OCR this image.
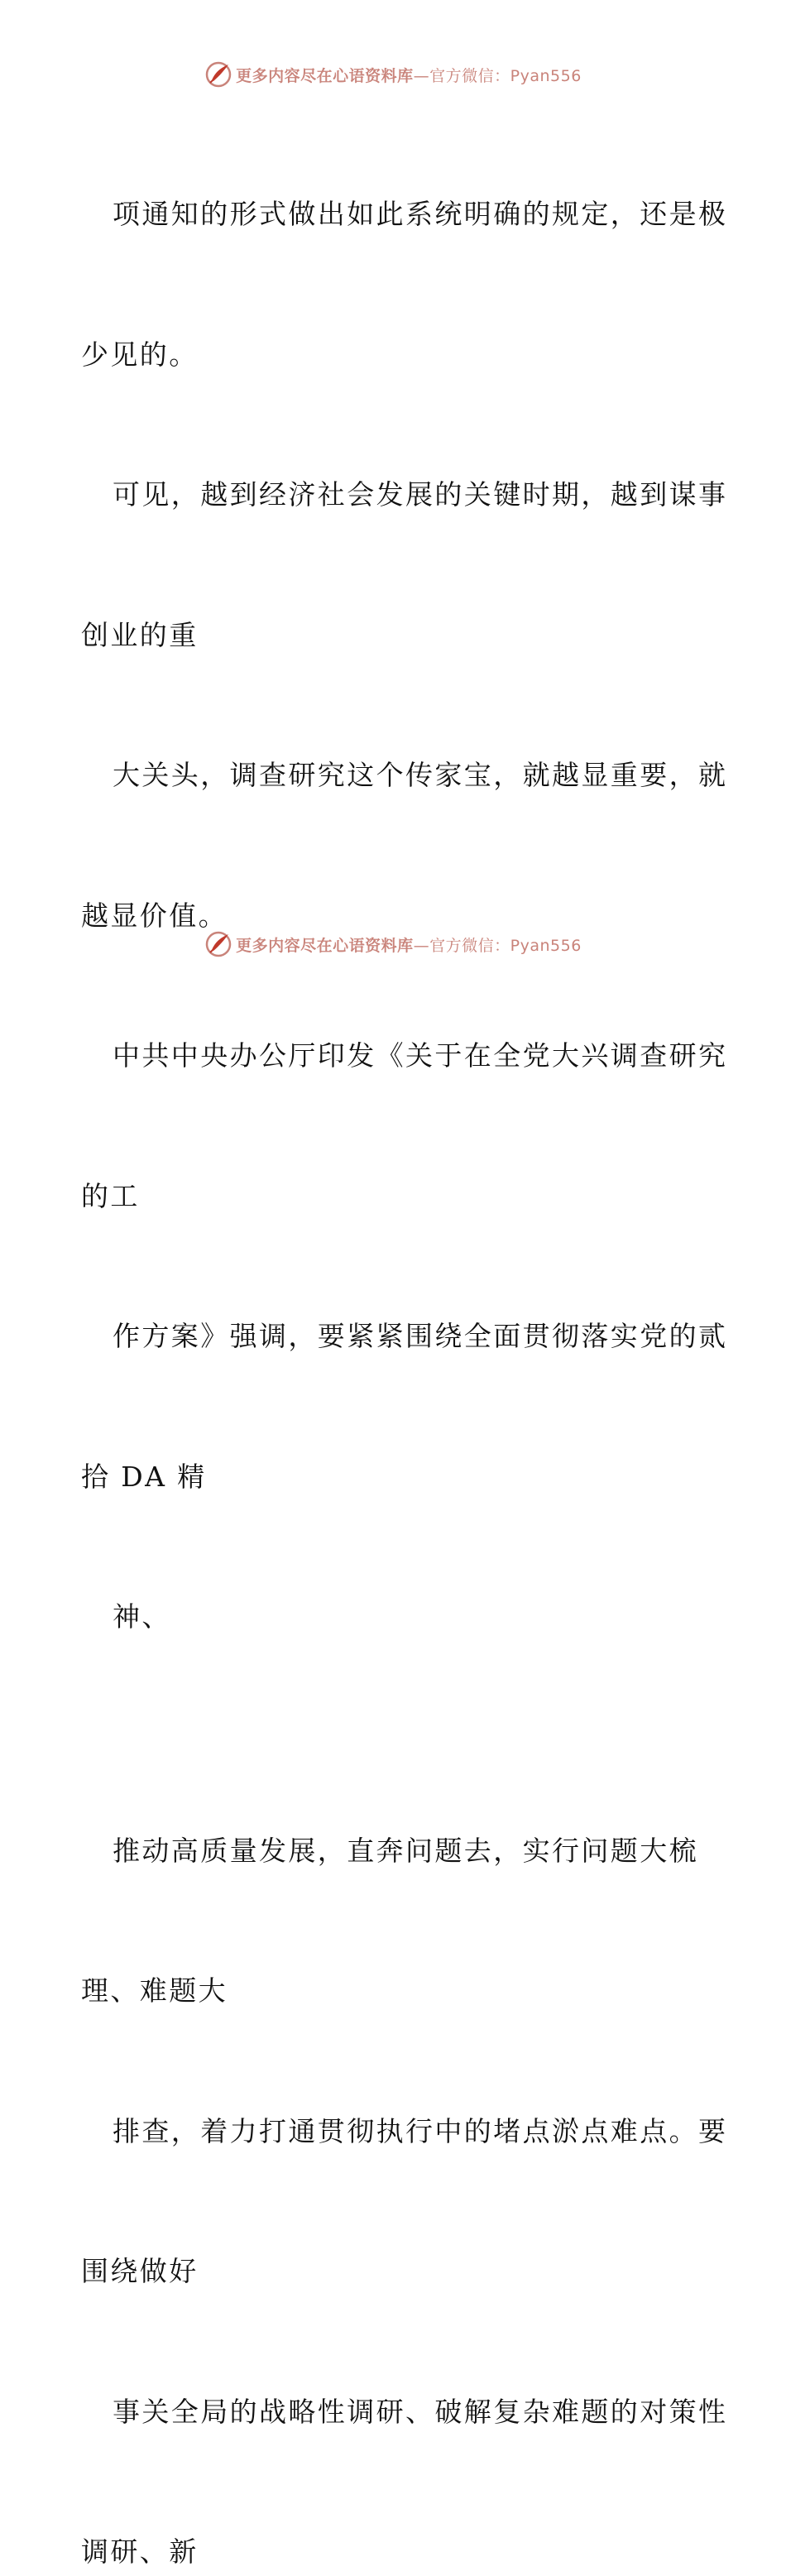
更多内容尽在心语资料库—官方微信：Pyan556

项通知的形式做出如此系统明确的规定，还是极

少见的。

可见，越到经济社会发展的关键时期，越到谋事

创业的重

大关头，调查研究这个传家宝，就越显重要，就

越显价值。

中共中央办公厅印发《关于在全党大兴调查研究

的工

作方案》强调，要紧紧围绕全面贯彻落实党的贰

拾 DA 精

神、

推动高质量发展，直奔问题去，实行问题大梳

理、难题大

排查，着力打通贯彻执行中的堵点淤点难点。要

围绕做好

事关全局的战略性调研、破解复杂难题的对策性

调研、新
更多内容尽在心语资料库—官方微信：Pyan556
